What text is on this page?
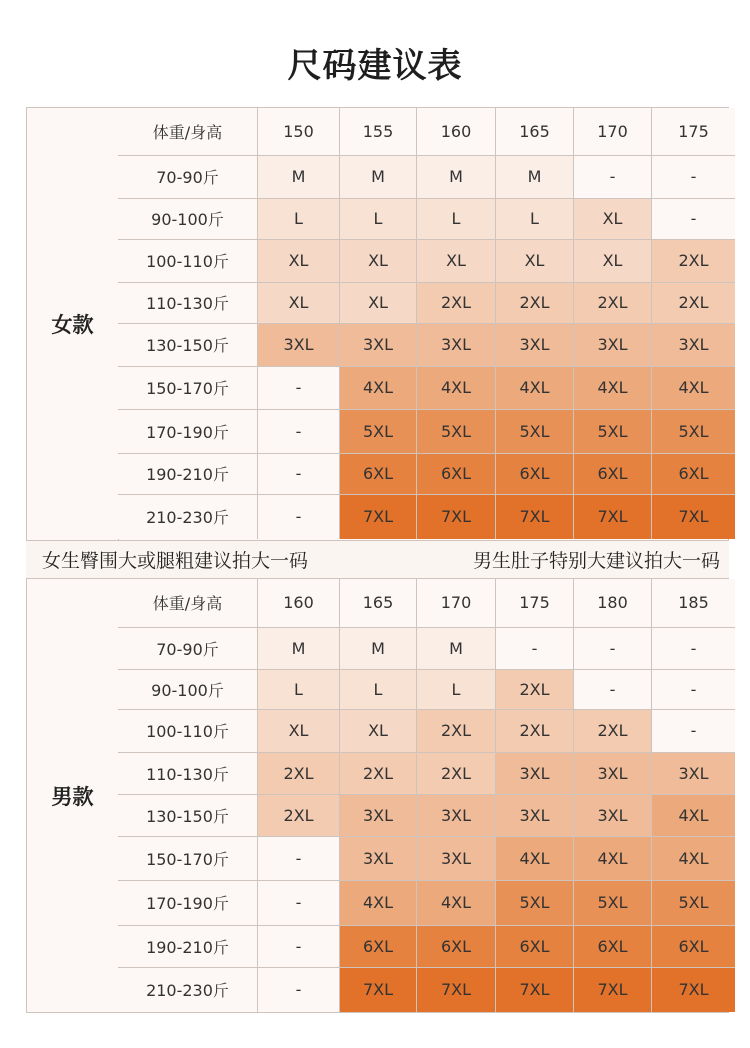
尺码建议表
女款
体重/身高	150	155	160	165	170	175
70-90斤	M	M	M	M	-	-
90-100斤	L	L	L	L	XL	-
100-110斤	XL	XL	XL	XL	XL	2XL
110-130斤	XL	XL	2XL	2XL	2XL	2XL
130-150斤	3XL	3XL	3XL	3XL	3XL	3XL
150-170斤	-	4XL	4XL	4XL	4XL	4XL
170-190斤	-	5XL	5XL	5XL	5XL	5XL
190-210斤	-	6XL	6XL	6XL	6XL	6XL
210-230斤	-	7XL	7XL	7XL	7XL	7XL
女生臀围大或腿粗建议拍大一码	男生肚子特别大建议拍大一码
男款
体重/身高	160	165	170	175	180	185
70-90斤	M	M	M	-	-	-
90-100斤	L	L	L	2XL	-	-
100-110斤	XL	XL	2XL	2XL	2XL	-
110-130斤	2XL	2XL	2XL	3XL	3XL	3XL
130-150斤	2XL	3XL	3XL	3XL	3XL	4XL
150-170斤	-	3XL	3XL	4XL	4XL	4XL
170-190斤	-	4XL	4XL	5XL	5XL	5XL
190-210斤	-	6XL	6XL	6XL	6XL	6XL
210-230斤	-	7XL	7XL	7XL	7XL	7XL
